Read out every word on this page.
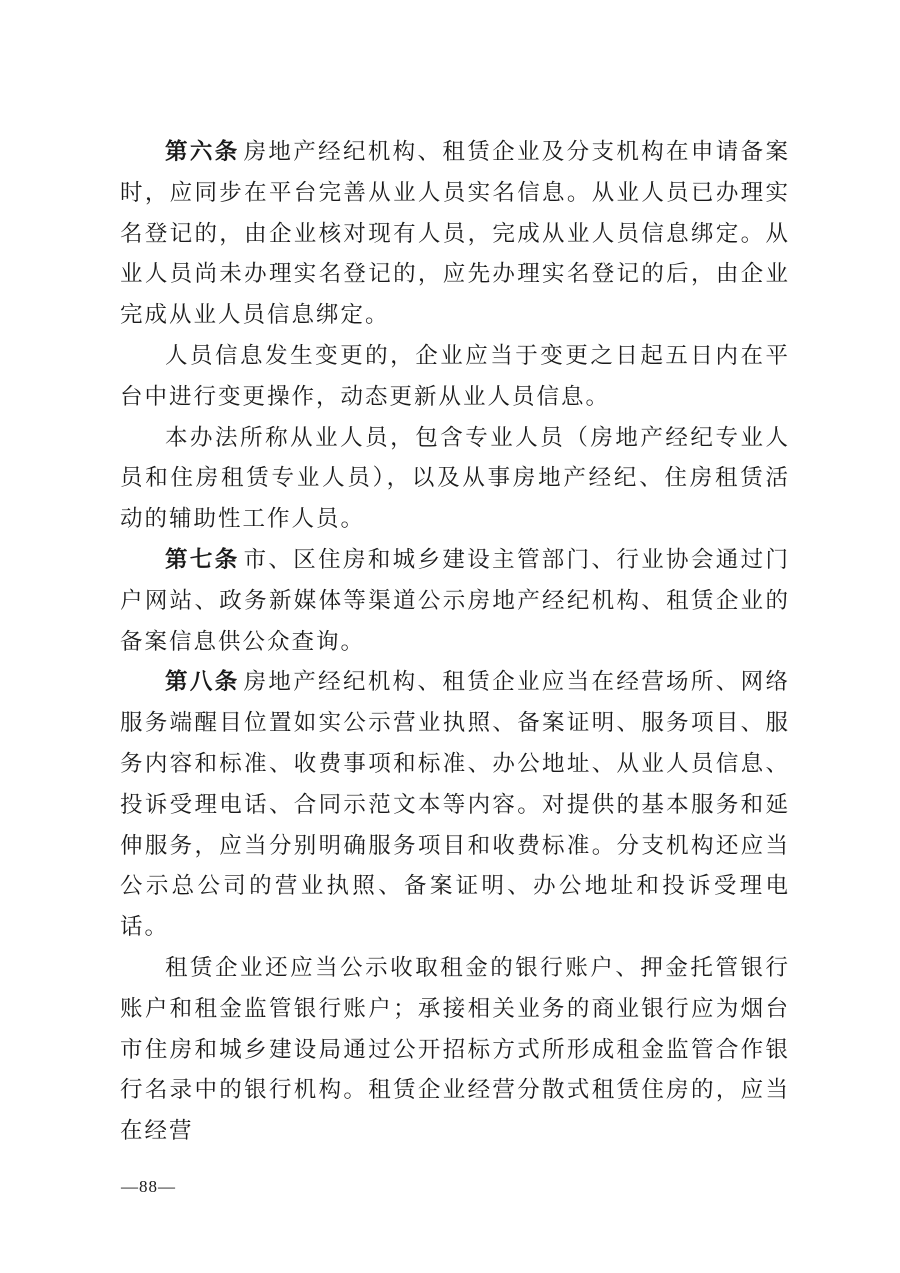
第六条 房地产经纪机构、租赁企业及分支机构在申请备案时，应同步在平台完善从业人员实名信息。从业人员已办理实名登记的，由企业核对现有人员，完成从业人员信息绑定。从业人员尚未办理实名登记的，应先办理实名登记的后，由企业完成从业人员信息绑定。

人员信息发生变更的，企业应当于变更之日起五日内在平台中进行变更操作，动态更新从业人员信息。

本办法所称从业人员，包含专业人员（房地产经纪专业人员和住房租赁专业人员），以及从事房地产经纪、住房租赁活动的辅助性工作人员。

第七条 市、区住房和城乡建设主管部门、行业协会通过门户网站、政务新媒体等渠道公示房地产经纪机构、租赁企业的备案信息供公众查询。

第八条 房地产经纪机构、租赁企业应当在经营场所、网络服务端醒目位置如实公示营业执照、备案证明、服务项目、服务内容和标准、收费事项和标准、办公地址、从业人员信息、投诉受理电话、合同示范文本等内容。对提供的基本服务和延伸服务，应当分别明确服务项目和收费标准。分支机构还应当公示总公司的营业执照、备案证明、办公地址和投诉受理电话。

租赁企业还应当公示收取租金的银行账户、押金托管银行账户和租金监管银行账户；承接相关业务的商业银行应为烟台市住房和城乡建设局通过公开招标方式所形成租金监管合作银行名录中的银行机构。租赁企业经营分散式租赁住房的，应当在经营

—88—
